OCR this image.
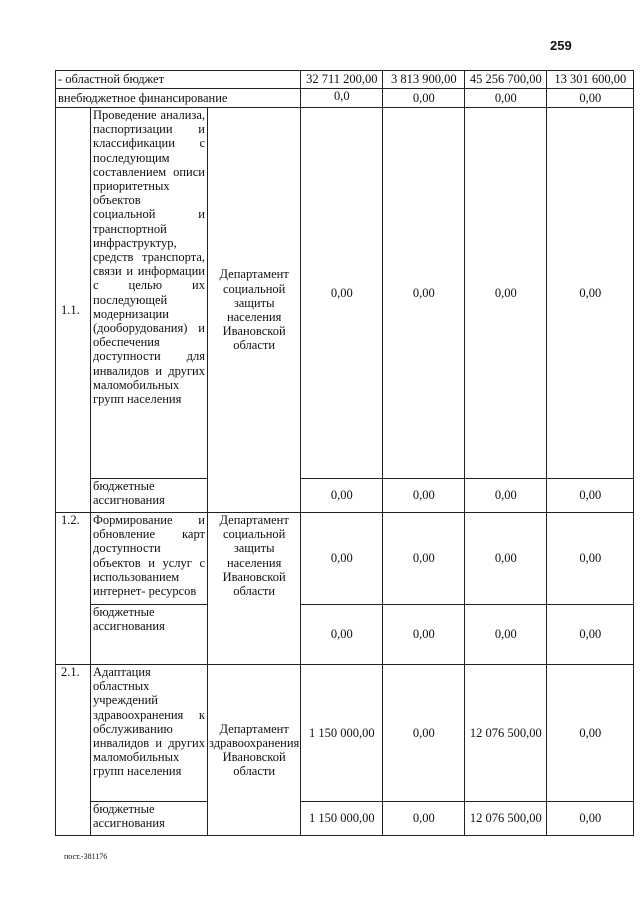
259
- областной бюджет			32 711 200,00	3 813 900,00	45 256 700,00	13 301 600,00
внебюджетное финансирование			0,0	0,00	0,00	0,00
1.1.	Проведение анализа, паспортизации и классификации с последующим составлением описи приоритетных объектов социальной и транспортной инфраструктур, средств транспорта, связи и информации с целью их последующей модернизации (дооборудования) и обеспечения доступности для инвалидов и других маломобильных групп населения	Департамент социальной защиты населения Ивановской области	0,00	0,00	0,00	0,00
	бюджетные ассигнования		0,00	0,00	0,00	0,00
1.2.	Формирование и обновление карт доступности объектов и услуг с использованием интернет- ресурсов	Департамент социальной защиты населения Ивановской области	0,00	0,00	0,00	0,00
	бюджетные ассигнования		0,00	0,00	0,00	0,00
2.1.	Адаптация областных учреждений здравоохранения к обслуживанию инвалидов и других маломобильных групп населения	Департамент здравоохранения Ивановской области	1 150 000,00	0,00	12 076 500,00	0,00
	бюджетные ассигнования		1 150 000,00	0,00	12 076 500,00	0,00
пост.-381176
